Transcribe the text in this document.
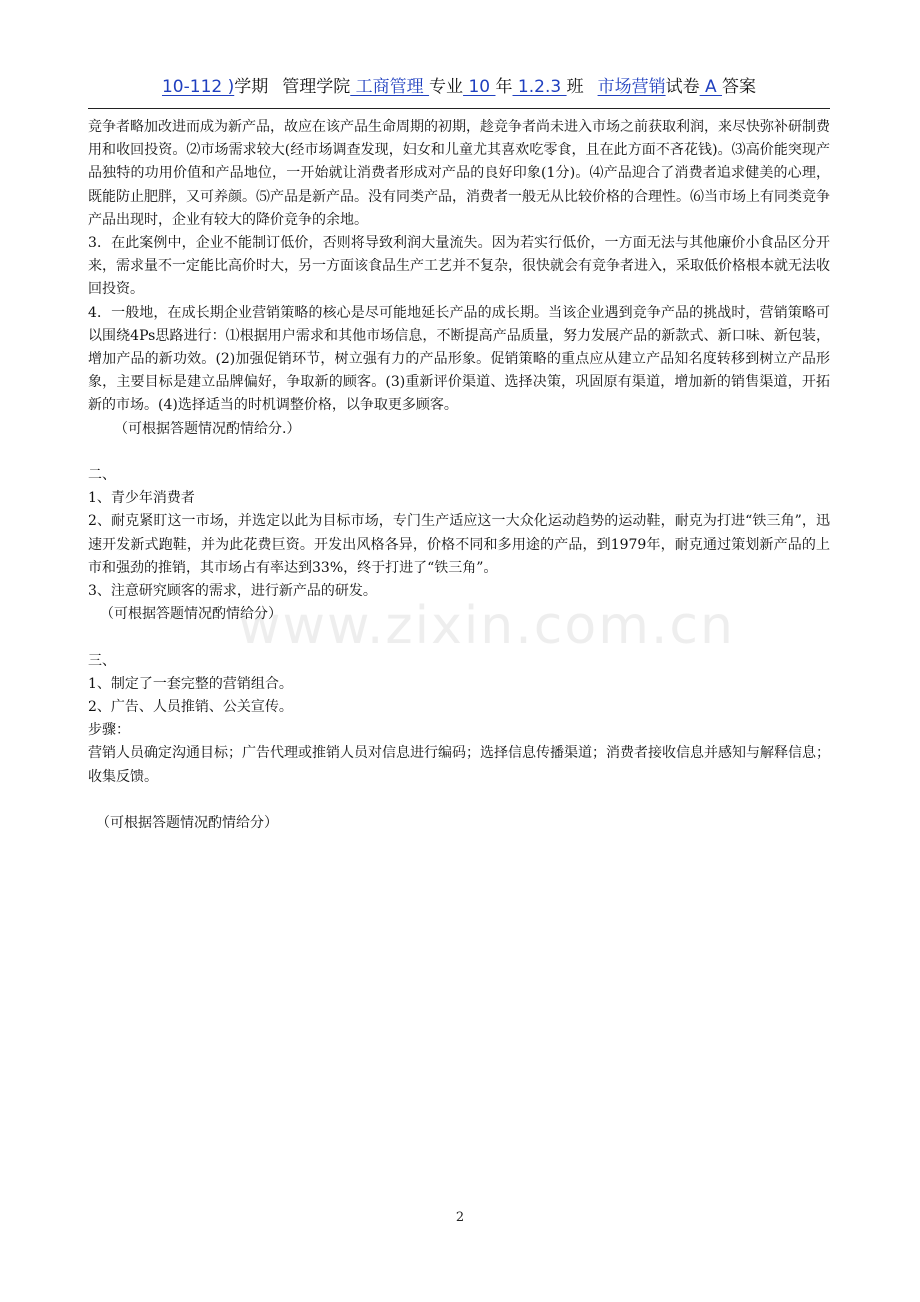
10-112 )学期 管理学院 工商管理 专业 10 年 1.2.3 班 市场营销试卷 A 答案

竞争者略加改进而成为新产品，故应在该产品生命周期的初期，趁竞争者尚未进入市场之前获取利润，来尽快弥补研制费用和收回投资。⑵市场需求较大(经市场调查发现，妇女和儿童尤其喜欢吃零食，且在此方面不吝花钱)。⑶高价能突现产品独特的功用价值和产品地位，一开始就让消费者形成对产品的良好印象(1分)。⑷产品迎合了消费者追求健美的心理，既能防止肥胖，又可养颜。⑸产品是新产品。没有同类产品，消费者一般无从比较价格的合理性。⑹当市场上有同类竞争产品出现时，企业有较大的降价竞争的余地。

3．在此案例中，企业不能制订低价，否则将导致利润大量流失。因为若实行低价，一方面无法与其他廉价小食品区分开来，需求量不一定能比高价时大，另一方面该食品生产工艺并不复杂，很快就会有竞争者进入，采取低价格根本就无法收回投资。

4．一般地，在成长期企业营销策略的核心是尽可能地延长产品的成长期。当该企业遇到竞争产品的挑战时，营销策略可以围绕4Ps思路进行：⑴根据用户需求和其他市场信息，不断提高产品质量，努力发展产品的新款式、新口味、新包装，增加产品的新功效。(2)加强促销环节，树立强有力的产品形象。促销策略的重点应从建立产品知名度转移到树立产品形象，主要目标是建立品牌偏好，争取新的顾客。(3)重新评价渠道、选择决策，巩固原有渠道，增加新的销售渠道，开拓新的市场。(4)选择适当的时机调整价格，以争取更多顾客。

（可根据答题情况酌情给分.）

二、

1、青少年消费者

2、耐克紧盯这一市场，并选定以此为目标市场，专门生产适应这一大众化运动趋势的运动鞋，耐克为打进“铁三角”，迅速开发新式跑鞋，并为此花费巨资。开发出风格各异，价格不同和多用途的产品，到1979年，耐克通过策划新产品的上市和强劲的推销，其市场占有率达到33%，终于打进了“铁三角”。

3、注意研究顾客的需求，进行新产品的研发。

（可根据答题情况酌情给分）

三、

1、制定了一套完整的营销组合。

2、广告、人员推销、公关宣传。

步骤：

营销人员确定沟通目标；广告代理或推销人员对信息进行编码；选择信息传播渠道；消费者接收信息并感知与解释信息；收集反馈。

（可根据答题情况酌情给分）

www.zixin.com.cn
2
